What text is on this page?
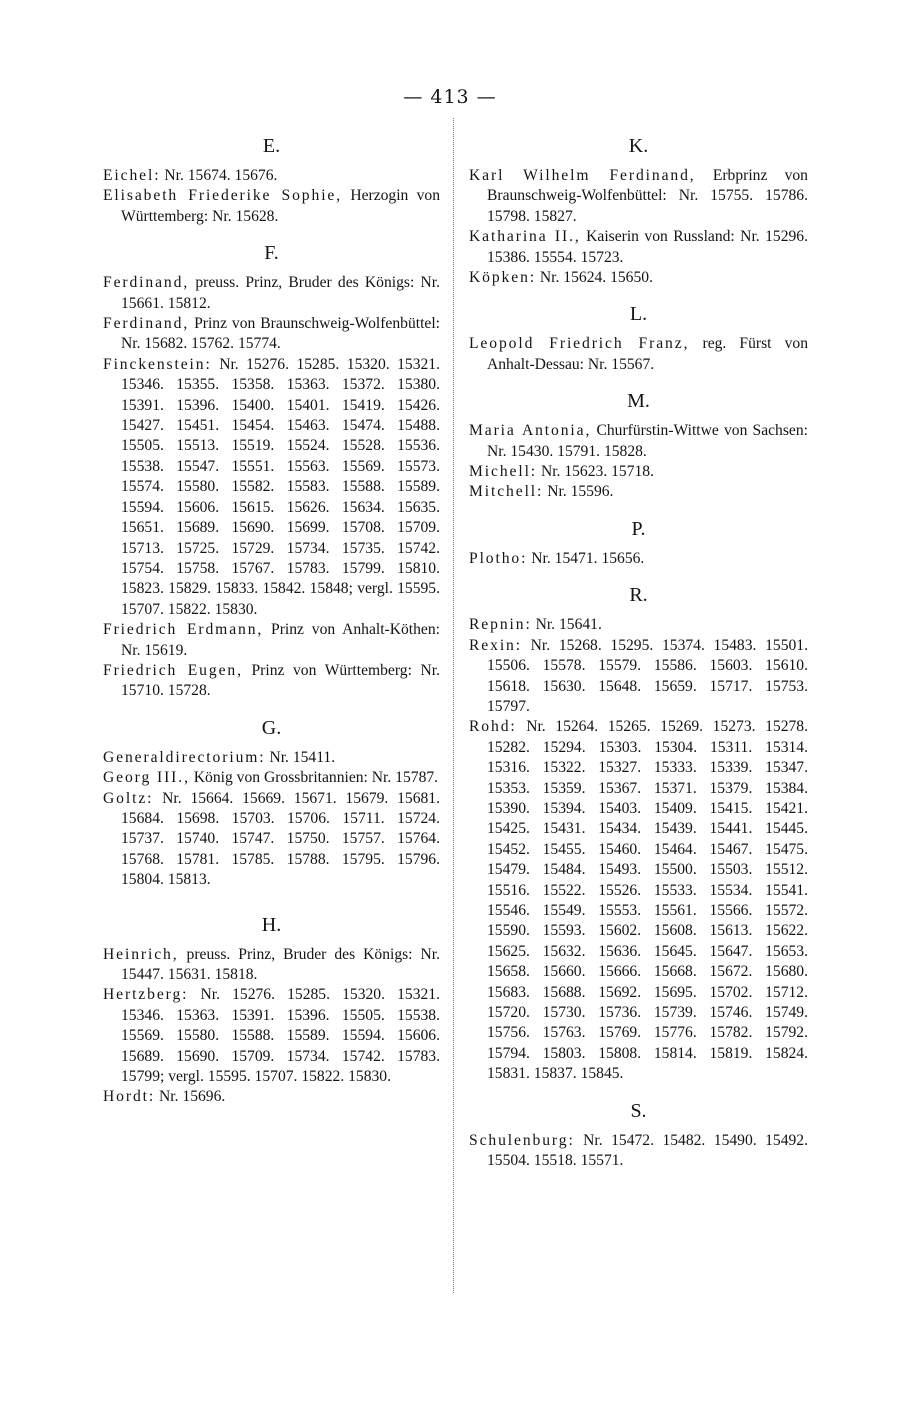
— 413 —
E.
Eichel: Nr. 15674. 15676.
Elisabeth Friederike Sophie, Herzogin von Württemberg: Nr. 15628.
F.
Ferdinand, preuss. Prinz, Bruder des Königs: Nr. 15661. 15812.
Ferdinand, Prinz von Braunschweig-Wolfenbüttel: Nr. 15682. 15762. 15774.
Finckenstein: Nr. 15276. 15285. 15320. 15321. 15346. 15355. 15358. 15363. 15372. 15380. 15391. 15396. 15400. 15401. 15419. 15426. 15427. 15451. 15454. 15463. 15474. 15488. 15505. 15513. 15519. 15524. 15528. 15536. 15538. 15547. 15551. 15563. 15569. 15573. 15574. 15580. 15582. 15583. 15588. 15589. 15594. 15606. 15615. 15626. 15634. 15635. 15651. 15689. 15690. 15699. 15708. 15709. 15713. 15725. 15729. 15734. 15735. 15742. 15754. 15758. 15767. 15783. 15799. 15810. 15823. 15829. 15833. 15842. 15848; vergl. 15595. 15707. 15822. 15830.
Friedrich Erdmann, Prinz von Anhalt-Köthen: Nr. 15619.
Friedrich Eugen, Prinz von Württemberg: Nr. 15710. 15728.
G.
Generaldirectorium: Nr. 15411.
Georg III., König von Grossbritannien: Nr. 15787.
Goltz: Nr. 15664. 15669. 15671. 15679. 15681. 15684. 15698. 15703. 15706. 15711. 15724. 15737. 15740. 15747. 15750. 15757. 15764. 15768. 15781. 15785. 15788. 15795. 15796. 15804. 15813.
H.
Heinrich, preuss. Prinz, Bruder des Königs: Nr. 15447. 15631. 15818.
Hertzberg: Nr. 15276. 15285. 15320. 15321. 15346. 15363. 15391. 15396. 15505. 15538. 15569. 15580. 15588. 15589. 15594. 15606. 15689. 15690. 15709. 15734. 15742. 15783. 15799; vergl. 15595. 15707. 15822. 15830.
Hordt: Nr. 15696.
K.
Karl Wilhelm Ferdinand, Erbprinz von Braunschweig-Wolfenbüttel: Nr. 15755. 15786. 15798. 15827.
Katharina II., Kaiserin von Russland: Nr. 15296. 15386. 15554. 15723.
Köpken: Nr. 15624. 15650.
L.
Leopold Friedrich Franz, reg. Fürst von Anhalt-Dessau: Nr. 15567.
M.
Maria Antonia, Churfürstin-Wittwe von Sachsen: Nr. 15430. 15791. 15828.
Michell: Nr. 15623. 15718.
Mitchell: Nr. 15596.
P.
Plotho: Nr. 15471. 15656.
R.
Repnin: Nr. 15641.
Rexin: Nr. 15268. 15295. 15374. 15483. 15501. 15506. 15578. 15579. 15586. 15603. 15610. 15618. 15630. 15648. 15659. 15717. 15753. 15797.
Rohd: Nr. 15264. 15265. 15269. 15273. 15278. 15282. 15294. 15303. 15304. 15311. 15314. 15316. 15322. 15327. 15333. 15339. 15347. 15353. 15359. 15367. 15371. 15379. 15384. 15390. 15394. 15403. 15409. 15415. 15421. 15425. 15431. 15434. 15439. 15441. 15445. 15452. 15455. 15460. 15464. 15467. 15475. 15479. 15484. 15493. 15500. 15503. 15512. 15516. 15522. 15526. 15533. 15534. 15541. 15546. 15549. 15553. 15561. 15566. 15572. 15590. 15593. 15602. 15608. 15613. 15622. 15625. 15632. 15636. 15645. 15647. 15653. 15658. 15660. 15666. 15668. 15672. 15680. 15683. 15688. 15692. 15695. 15702. 15712. 15720. 15730. 15736. 15739. 15746. 15749. 15756. 15763. 15769. 15776. 15782. 15792. 15794. 15803. 15808. 15814. 15819. 15824. 15831. 15837. 15845.
S.
Schulenburg: Nr. 15472. 15482. 15490. 15492. 15504. 15518. 15571.
